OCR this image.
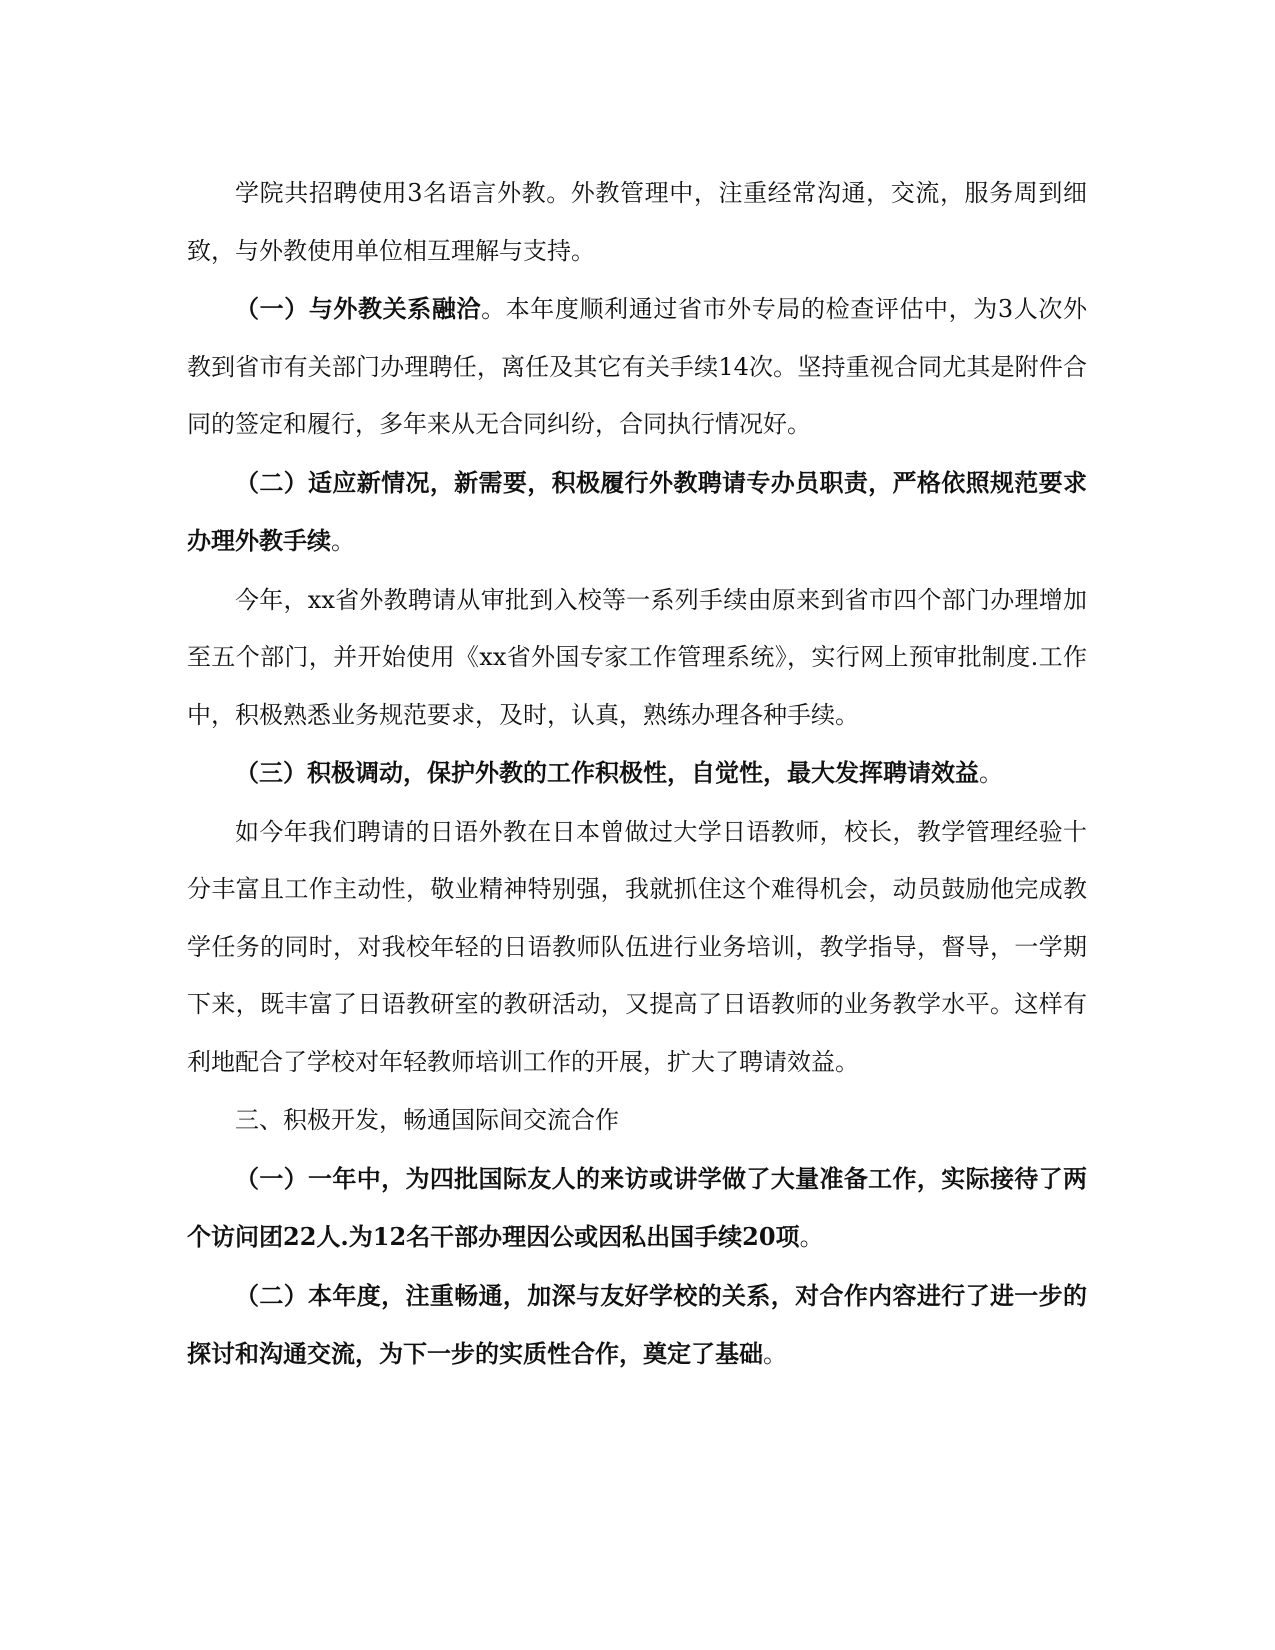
学院共招聘使用3名语言外教。外教管理中，注重经常沟通，交流，服务周到细致，与外教使用单位相互理解与支持。

（一）与外教关系融洽。本年度顺利通过省市外专局的检查评估中，为3人次外教到省市有关部门办理聘任，离任及其它有关手续14次。坚持重视合同尤其是附件合同的签定和履行，多年来从无合同纠纷，合同执行情况好。

（二）适应新情况，新需要，积极履行外教聘请专办员职责，严格依照规范要求办理外教手续。

今年，xx省外教聘请从审批到入校等一系列手续由原来到省市四个部门办理增加至五个部门，并开始使用《xx省外国专家工作管理系统》，实行网上预审批制度.工作中，积极熟悉业务规范要求，及时，认真，熟练办理各种手续。

（三）积极调动，保护外教的工作积极性，自觉性，最大发挥聘请效益。

如今年我们聘请的日语外教在日本曾做过大学日语教师，校长，教学管理经验十分丰富且工作主动性，敬业精神特别强，我就抓住这个难得机会，动员鼓励他完成教学任务的同时，对我校年轻的日语教师队伍进行业务培训，教学指导，督导，一学期下来，既丰富了日语教研室的教研活动，又提高了日语教师的业务教学水平。这样有利地配合了学校对年轻教师培训工作的开展，扩大了聘请效益。

三、积极开发，畅通国际间交流合作

（一）一年中，为四批国际友人的来访或讲学做了大量准备工作，实际接待了两个访问团22人.为12名干部办理因公或因私出国手续20项。

（二）本年度，注重畅通，加深与友好学校的关系，对合作内容进行了进一步的探讨和沟通交流，为下一步的实质性合作，奠定了基础。
